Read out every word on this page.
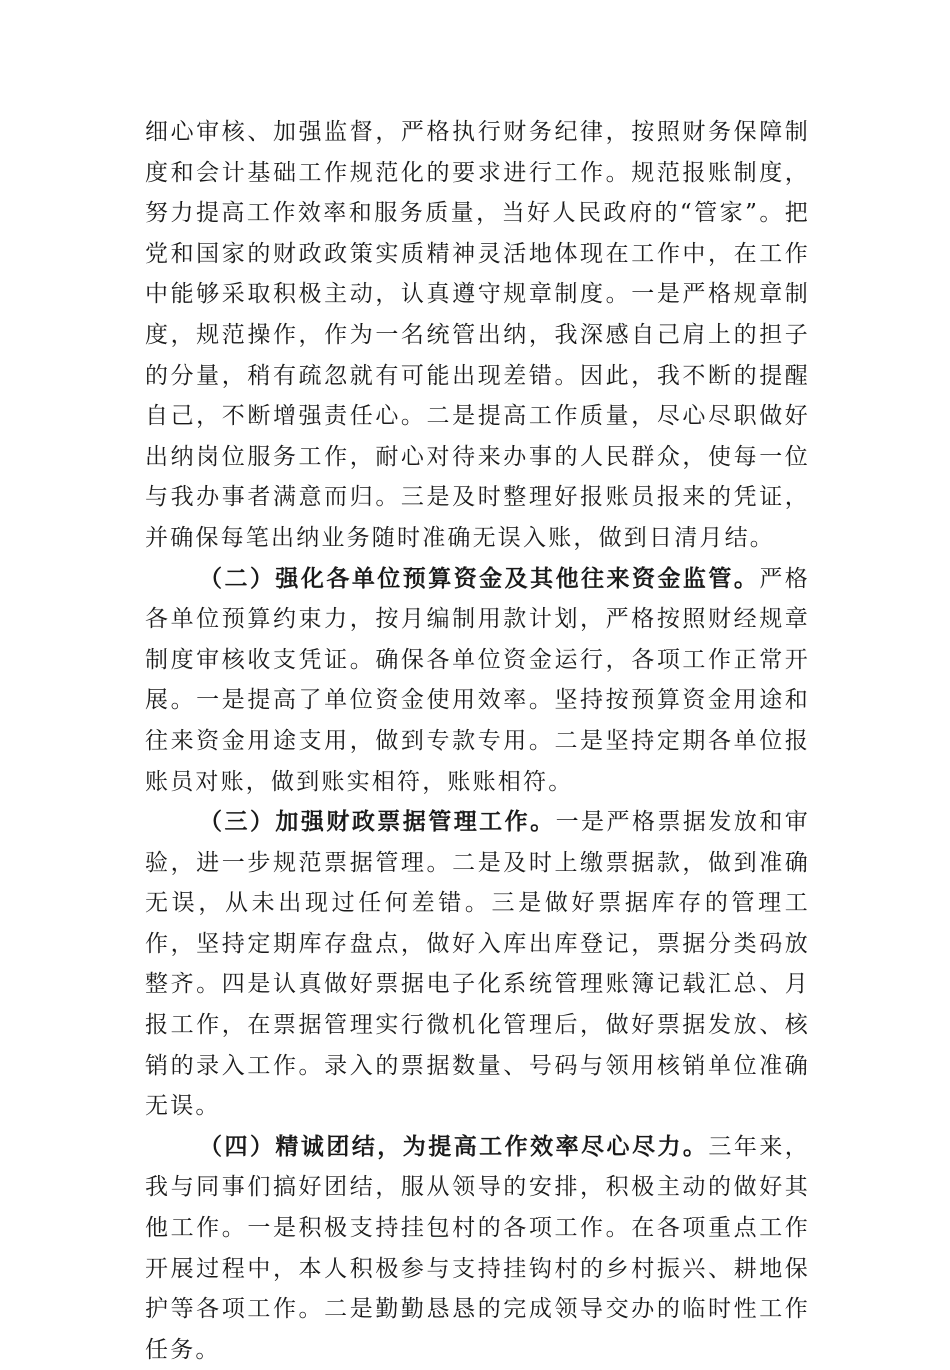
细心审核、加强监督，严格执行财务纪律，按照财务保障制度和会计基础工作规范化的要求进行工作。规范报账制度，努力提高工作效率和服务质量，当好人民政府的“管家”。把党和国家的财政政策实质精神灵活地体现在工作中，在工作中能够采取积极主动，认真遵守规章制度。一是严格规章制度，规范操作，作为一名统管出纳，我深感自己肩上的担子的分量，稍有疏忽就有可能出现差错。因此，我不断的提醒自己，不断增强责任心。二是提高工作质量，尽心尽职做好出纳岗位服务工作，耐心对待来办事的人民群众，使每一位与我办事者满意而归。三是及时整理好报账员报来的凭证，并确保每笔出纳业务随时准确无误入账，做到日清月结。

（二）强化各单位预算资金及其他往来资金监管。严格各单位预算约束力，按月编制用款计划，严格按照财经规章制度审核收支凭证。确保各单位资金运行，各项工作正常开展。一是提高了单位资金使用效率。坚持按预算资金用途和往来资金用途支用，做到专款专用。二是坚持定期各单位报账员对账，做到账实相符，账账相符。

（三）加强财政票据管理工作。一是严格票据发放和审验，进一步规范票据管理。二是及时上缴票据款，做到准确无误，从未出现过任何差错。三是做好票据库存的管理工作，坚持定期库存盘点，做好入库出库登记，票据分类码放整齐。四是认真做好票据电子化系统管理账簿记载汇总、月报工作，在票据管理实行微机化管理后，做好票据发放、核销的录入工作。录入的票据数量、号码与领用核销单位准确无误。

（四）精诚团结，为提高工作效率尽心尽力。三年来，我与同事们搞好团结，服从领导的安排，积极主动的做好其他工作。一是积极支持挂包村的各项工作。在各项重点工作开展过程中，本人积极参与支持挂钩村的乡村振兴、耕地保护等各项工作。二是勤勤恳恳的完成领导交办的临时性工作任务。
